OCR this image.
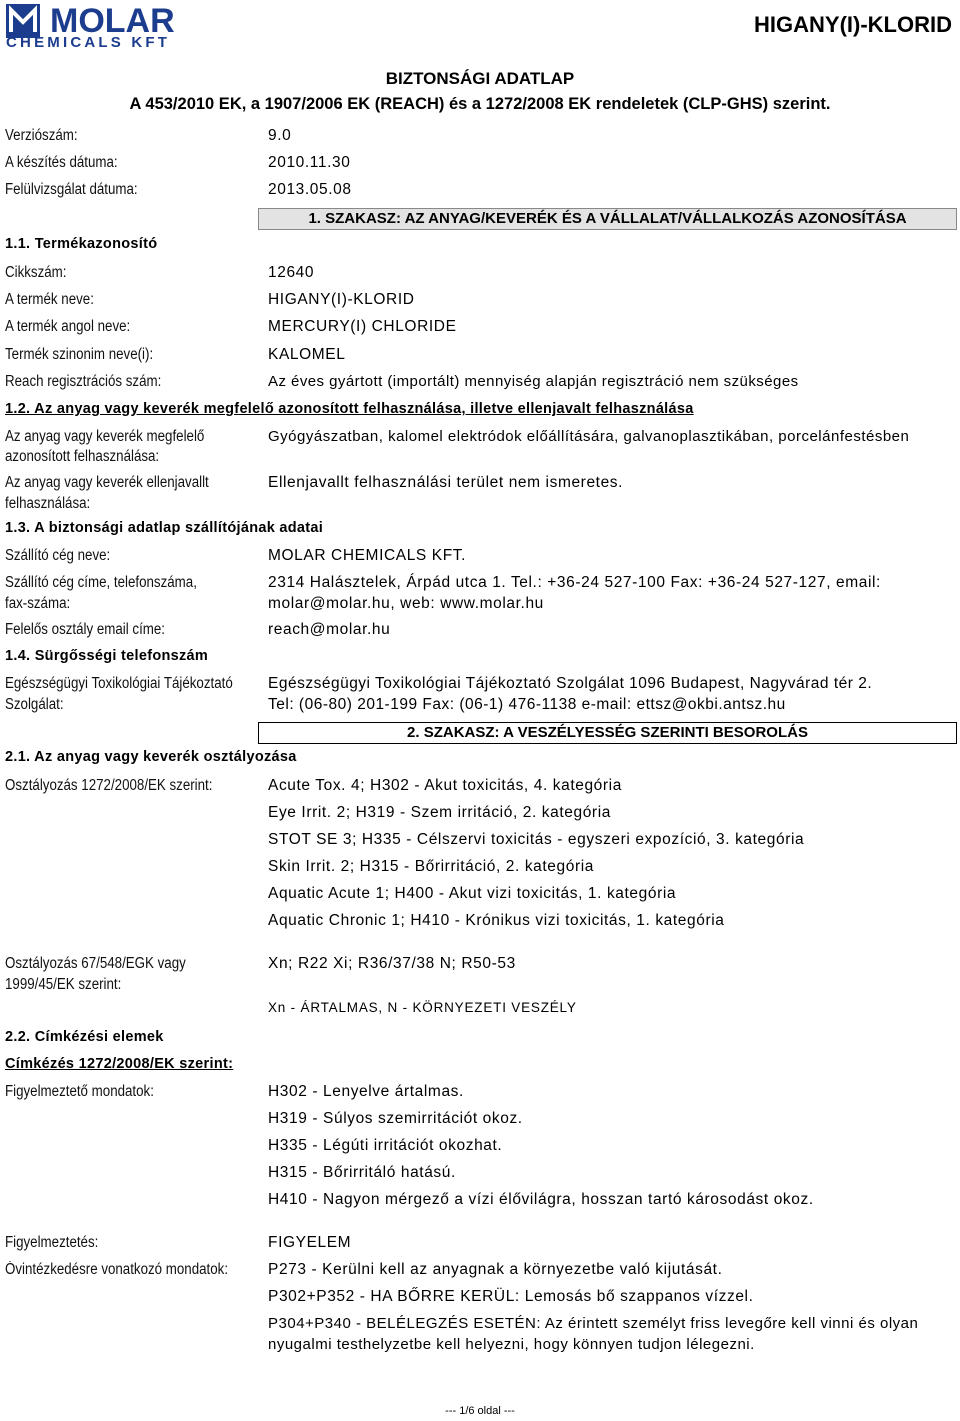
MOLAR
CHEMICALS KFT
HIGANY(I)-KLORID
BIZTONSÁGI ADATLAP
A 453/2010 EK, a 1907/2006 EK (REACH) és a 1272/2008 EK rendeletek (CLP-GHS) szerint.
Verziószám:	9.0
A készítés dátuma:	2010.11.30
Felülvizsgálat dátuma:	2013.05.08
1. SZAKASZ: AZ ANYAG/KEVERÉK ÉS A VÁLLALAT/VÁLLALKOZÁS AZONOSÍTÁSA
1.1. Termékazonosító
Cikkszám:	12640
A termék neve:	HIGANY(I)-KLORID
A termék angol neve:	MERCURY(I) CHLORIDE
Termék szinonim neve(i):	KALOMEL
Reach regisztrációs szám:	Az éves gyártott (importált) mennyiség alapján regisztráció nem szükséges
1.2. Az anyag vagy keverék megfelelő azonosított felhasználása, illetve ellenjavalt felhasználása
Az anyag vagy keverék megfelelő
azonosított felhasználása:
Gyógyászatban, kalomel elektródok előállítására, galvanoplasztikában, porcelánfestésben
Az anyag vagy keverék ellenjavallt
felhasználása:
Ellenjavallt felhasználási terület nem ismeretes.
1.3. A biztonsági adatlap szállítójának adatai
Szállító cég neve:	MOLAR CHEMICALS KFT.
Szállító cég címe, telefonszáma,
fax-száma:
2314 Halásztelek, Árpád utca 1. Tel.: +36-24 527-100 Fax: +36-24 527-127, email:
molar@molar.hu, web: www.molar.hu
Felelős osztály email címe:	reach@molar.hu
1.4. Sürgősségi telefonszám
Egészségügyi Toxikológiai Tájékoztató
Szolgálat:
Egészségügyi Toxikológiai Tájékoztató Szolgálat 1096 Budapest, Nagyvárad tér 2.
Tel: (06-80) 201-199 Fax: (06-1) 476-1138 e-mail: ettsz@okbi.antsz.hu
2. SZAKASZ: A VESZÉLYESSÉG SZERINTI BESOROLÁS
2.1. Az anyag vagy keverék osztályozása
Osztályozás 1272/2008/EK szerint:	Acute Tox. 4; H302 - Akut toxicitás, 4. kategória
Eye Irrit. 2; H319 - Szem irritáció, 2. kategória
STOT SE 3; H335 - Célszervi toxicitás - egyszeri expozíció, 3. kategória
Skin Irrit. 2; H315 - Bőrirritáció, 2. kategória
Aquatic Acute 1; H400 - Akut vizi toxicitás, 1. kategória
Aquatic Chronic 1; H410 - Krónikus vizi toxicitás, 1. kategória
Osztályozás 67/548/EGK vagy
1999/45/EK szerint:
Xn; R22 Xi; R36/37/38 N; R50-53
Xn - ÁRTALMAS, N - KÖRNYEZETI VESZÉLY
2.2. Címkézési elemek
Címkézés 1272/2008/EK szerint:
Figyelmeztető mondatok:	H302 - Lenyelve ártalmas.
H319 - Súlyos szemirritációt okoz.
H335 - Légúti irritációt okozhat.
H315 - Bőrirritáló hatású.
H410 - Nagyon mérgező a vízi élővilágra, hosszan tartó károsodást okoz.
Figyelmeztetés:	FIGYELEM
Óvintézkedésre vonatkozó mondatok:	P273 - Kerülni kell az anyagnak a környezetbe való kijutását.
P302+P352 - HA BŐRRE KERÜL: Lemosás bő szappanos vízzel.
P304+P340 - BELÉLEGZÉS ESETÉN: Az érintett személyt friss levegőre kell vinni és olyan
nyugalmi testhelyzetbe kell helyezni, hogy könnyen tudjon lélegezni.
--- 1/6 oldal ---
